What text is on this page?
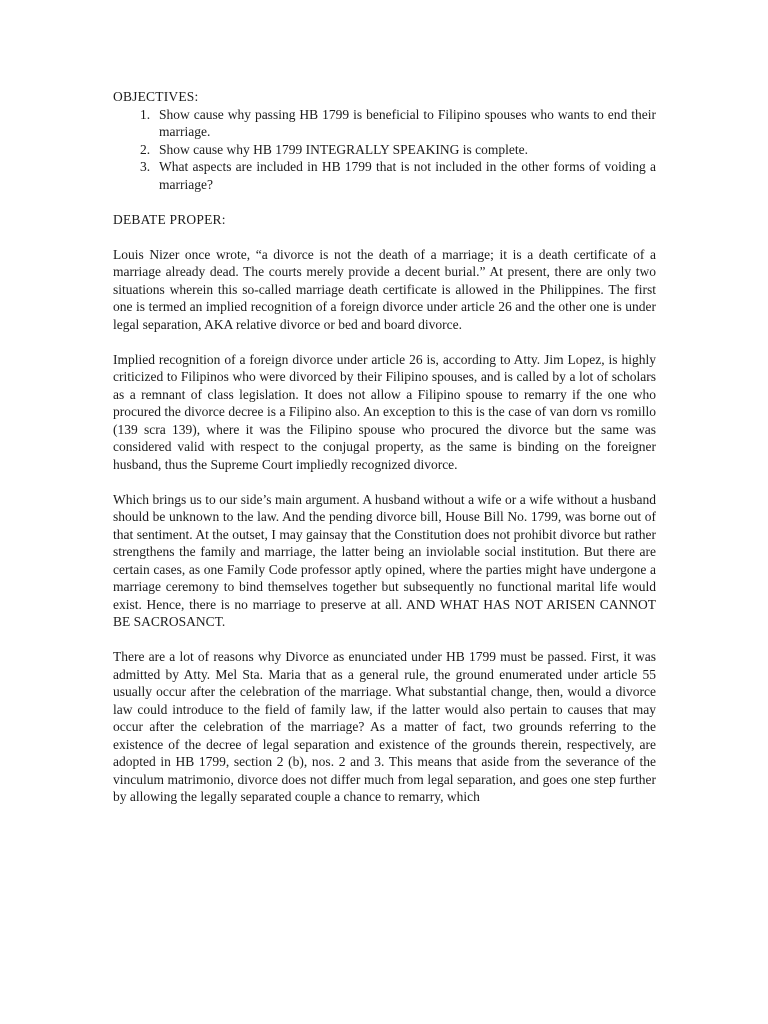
OBJECTIVES:

1. Show cause why passing HB 1799 is beneficial to Filipino spouses who wants to end their marriage.
2. Show cause why HB 1799 INTEGRALLY SPEAKING is complete.
3. What aspects are included in HB 1799 that is not included in the other forms of voiding a marriage?

DEBATE PROPER:

Louis Nizer once wrote, “a divorce is not the death of a marriage; it is a death certificate of a marriage already dead. The courts merely provide a decent burial.” At present, there are only two situations wherein this so-called marriage death certificate is allowed in the Philippines. The first one is termed an implied recognition of a foreign divorce under article 26 and the other one is under legal separation, AKA relative divorce or bed and board divorce.

Implied recognition of a foreign divorce under article 26 is, according to Atty. Jim Lopez, is highly criticized to Filipinos who were divorced by their Filipino spouses, and is called by a lot of scholars as a remnant of class legislation. It does not allow a Filipino spouse to remarry if the one who procured the divorce decree is a Filipino also. An exception to this is the case of van dorn vs romillo (139 scra 139), where it was the Filipino spouse who procured the divorce but the same was considered valid with respect to the conjugal property, as the same is binding on the foreigner husband, thus the Supreme Court impliedly recognized divorce.

Which brings us to our side’s main argument. A husband without a wife or a wife without a husband should be unknown to the law. And the pending divorce bill, House Bill No. 1799, was borne out of that sentiment. At the outset, I may gainsay that the Constitution does not prohibit divorce but rather strengthens the family and marriage, the latter being an inviolable social institution. But there are certain cases, as one Family Code professor aptly opined, where the parties might have undergone a marriage ceremony to bind themselves together but subsequently no functional marital life would exist. Hence, there is no marriage to preserve at all. AND WHAT HAS NOT ARISEN CANNOT BE SACROSANCT.

There are a lot of reasons why Divorce as enunciated under HB 1799 must be passed. First, it was admitted by Atty. Mel Sta. Maria that as a general rule, the ground enumerated under article 55 usually occur after the celebration of the marriage. What substantial change, then, would a divorce law could introduce to the field of family law, if the latter would also pertain to causes that may occur after the celebration of the marriage? As a matter of fact, two grounds referring to the existence of the decree of legal separation and existence of the grounds therein, respectively, are adopted in HB 1799, section 2 (b), nos. 2 and 3. This means that aside from the severance of the vinculum matrimonio, divorce does not differ much from legal separation, and goes one step further by allowing the legally separated couple a chance to remarry, which
